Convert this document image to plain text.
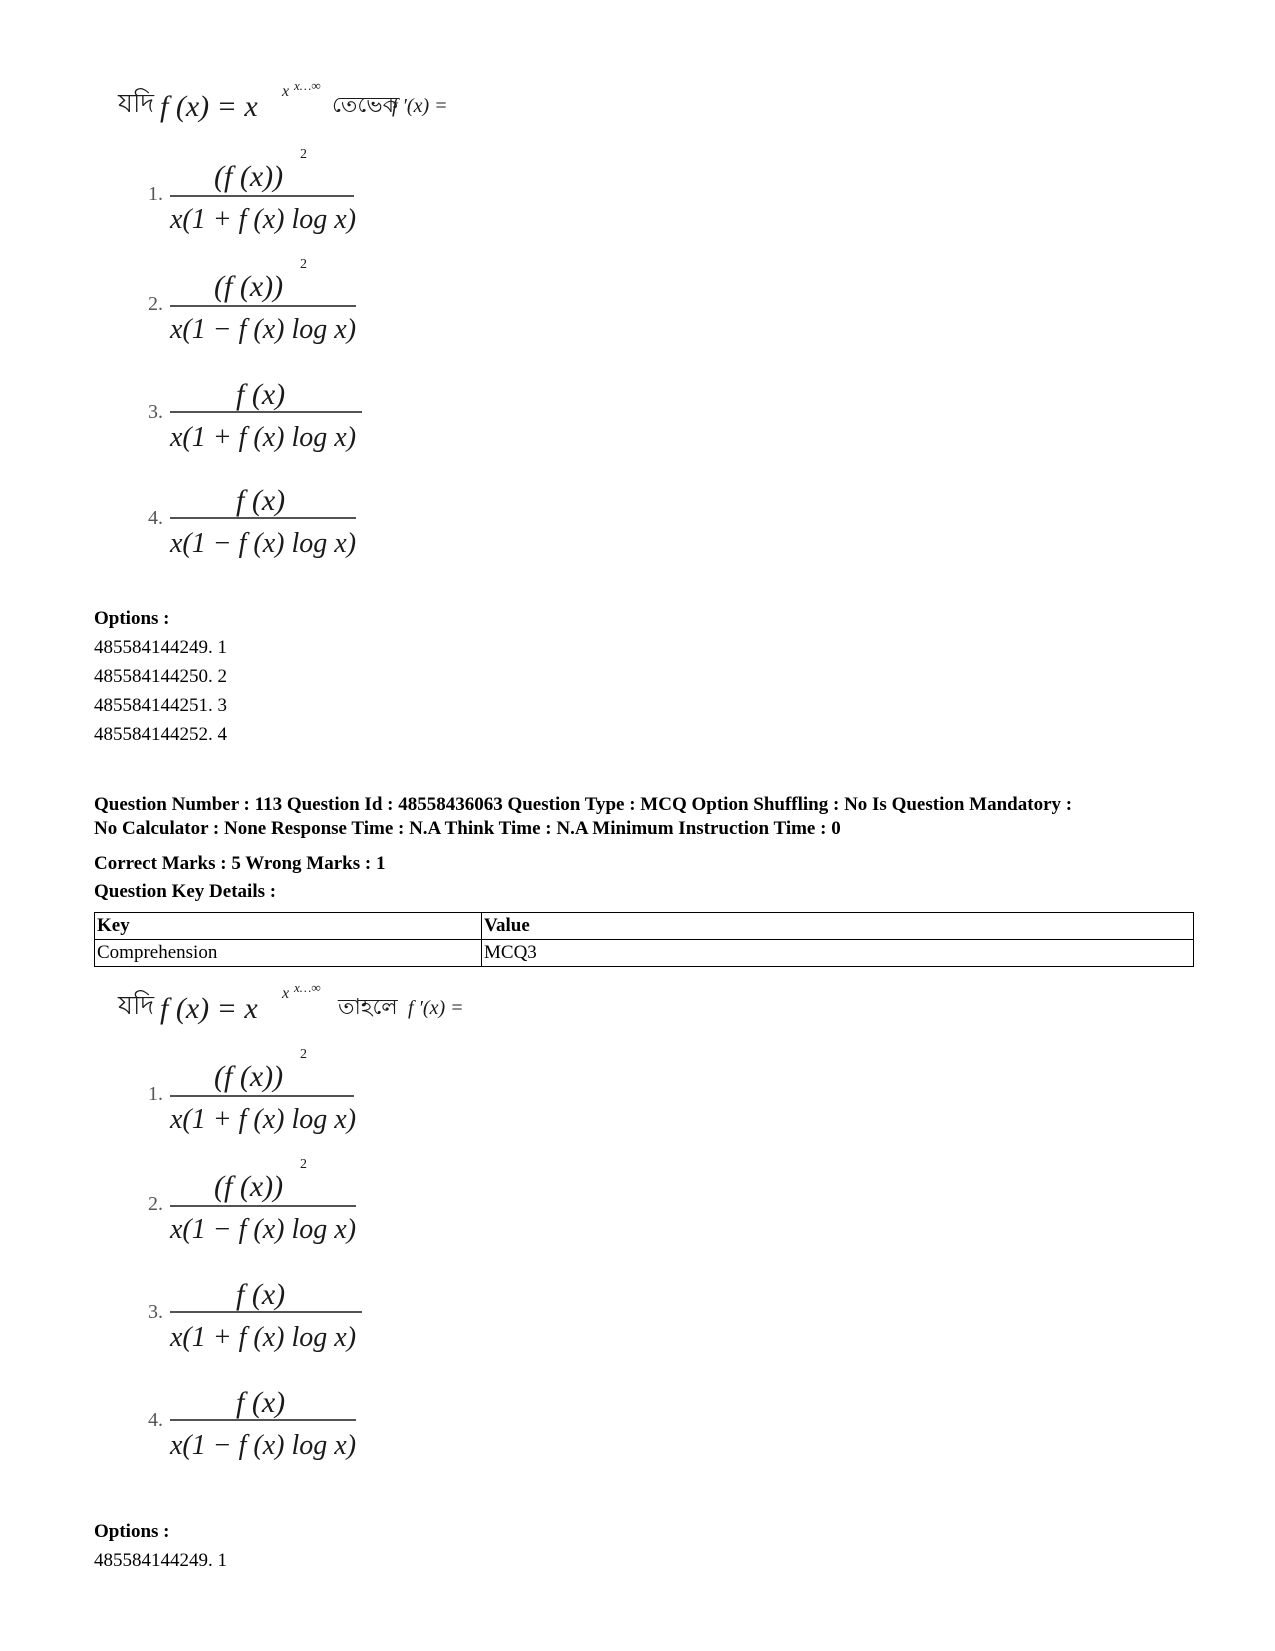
যদি f (x) = x x x…∞
তেভেক
f ′(x) =
1.
(f (x))
2
x(1 + f (x) log x)
2.
(f (x))
2
x(1 − f (x) log x)
3.
f (x)
x(1 + f (x) log x)
4.
f (x)
x(1 − f (x) log x)
Options :
485584144249. 1
485584144250. 2
485584144251. 3
485584144252. 4
Question Number : 113 Question Id : 48558436063 Question Type : MCQ Option Shuffling : No Is Question Mandatory :
No Calculator : None Response Time : N.A Think Time : N.A Minimum Instruction Time : 0
Correct Marks : 5 Wrong Marks : 1
Question Key Details :
Key	Value
Comprehension	MCQ3
যদি f (x) = x x x…∞
তাহলে f ′(x) =
1.
(f (x))
2
x(1 + f (x) log x)
2.
(f (x))
2
x(1 − f (x) log x)
3.
f (x)
x(1 + f (x) log x)
4.
f (x)
x(1 − f (x) log x)
Options :
485584144249. 1
